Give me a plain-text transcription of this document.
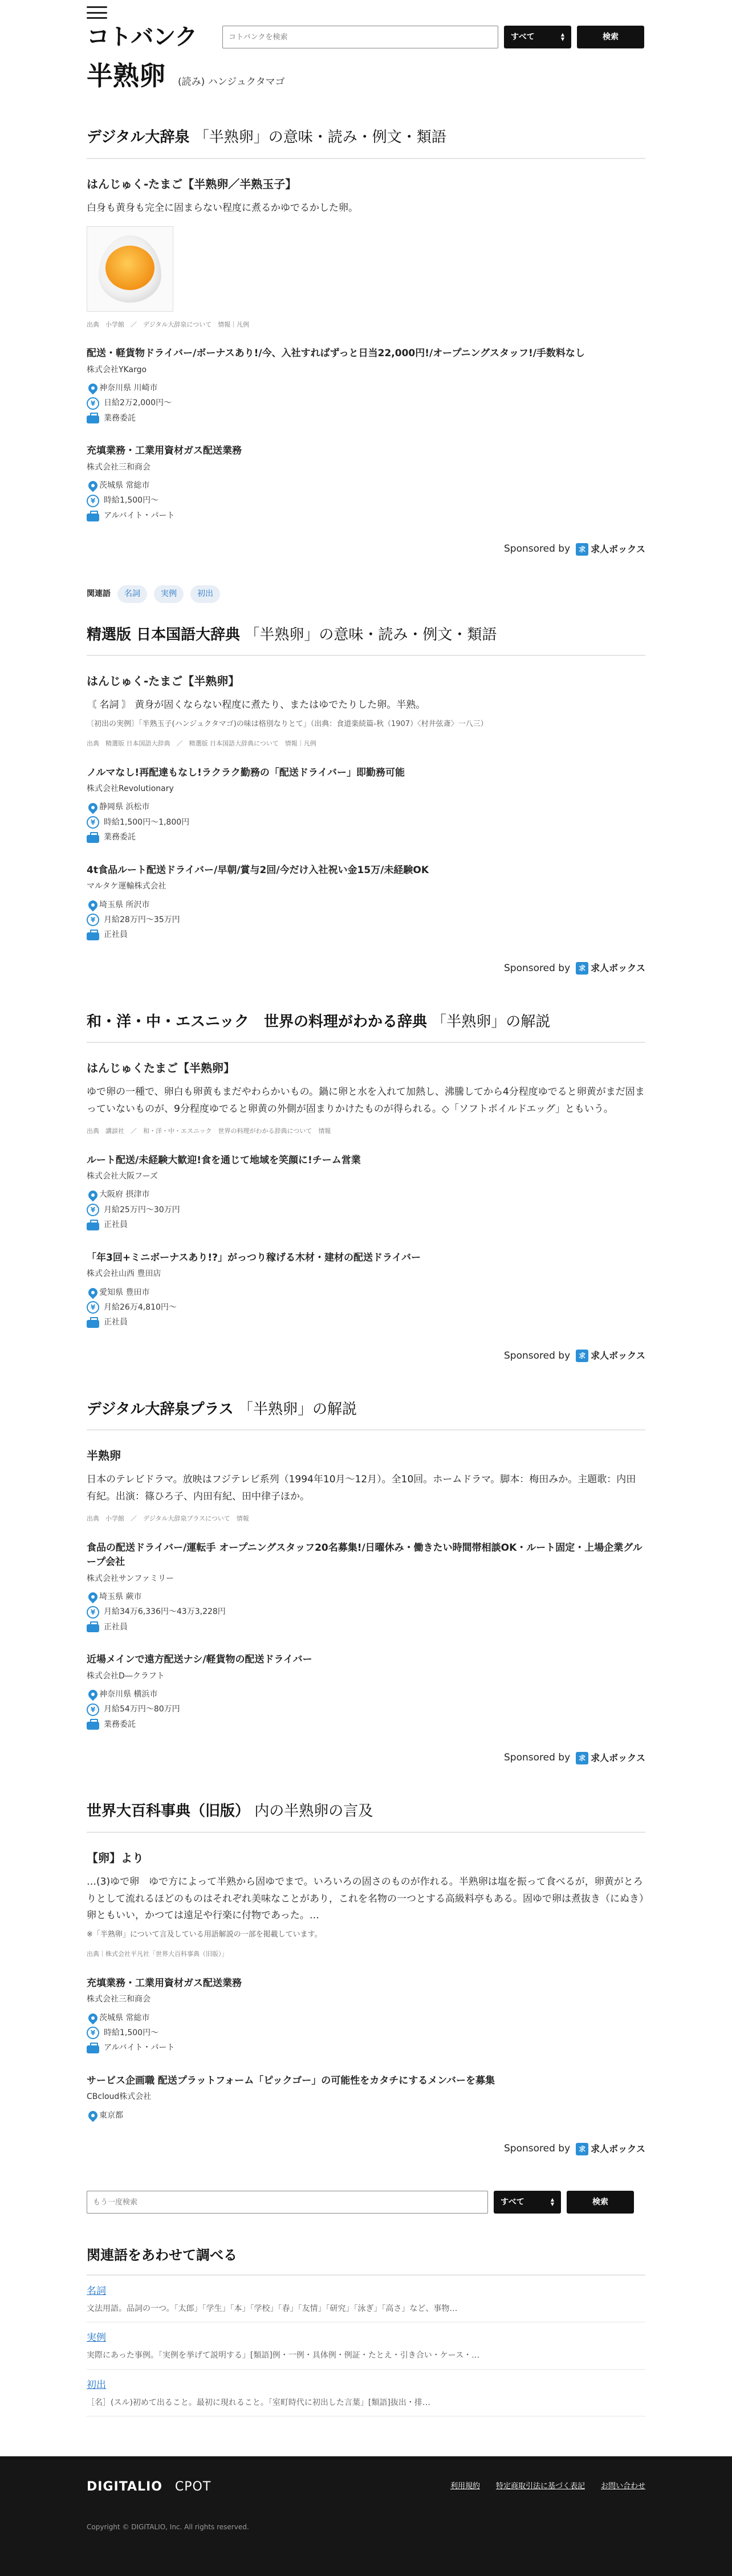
コトバンク
コトバンクを検索	すべて	▲
▼	検索
半熟卵 (読み) ハンジュクタマゴ
デジタル大辞泉 「半熟卵」の意味・読み・例文・類語
はんじゅく‐たまご【半熟卵／半熟玉子】
白身も黄身も完全に固まらない程度に煮るかゆでるかした卵。
出典　小学館　／　デジタル大辞泉について　情報｜凡例
配送・軽貨物ドライバー/ボーナスあり!/今、入社すればずっと日当22,000円!/オープニングスタッフ!/手数料なし
株式会社YKargo
神奈川県 川崎市
¥	日給2万2,000円〜
業務委託
充填業務・工業用資材ガス配送業務
株式会社三和商会
茨城県 常総市
¥	時給1,500円〜
アルバイト・パート
Sponsored by	求 求人ボックス
関連語	名詞	実例	初出
精選版 日本国語大辞典 「半熟卵」の意味・読み・例文・類語
はんじゅく‐たまご【半熟卵】
〘 名詞 〙 黄身が固くならない程度に煮たり、またはゆでたりした卵。半熟。
〔初出の実例〕「半熟玉子(ハンジュクタマゴ)の味は格別なりとて」（出典：食道楽続篇‐秋（1907）〈村井弦斎〉一八三）
出典　精選版 日本国語大辞典　／　精選版 日本国語大辞典について　情報｜凡例
ノルマなし!再配達もなし!ラクラク勤務の「配送ドライバー」即勤務可能
株式会社Revolutionary
静岡県 浜松市
¥	時給1,500円〜1,800円
業務委託
4t食品ルート配送ドライバー/早朝/賞与2回/今だけ入社祝い金15万/未経験OK
マルタケ運輸株式会社
埼玉県 所沢市
¥	月給28万円〜35万円
正社員
Sponsored by	求 求人ボックス
和・洋・中・エスニック　世界の料理がわかる辞典 「半熟卵」の解説
はんじゅくたまご【半熟卵】
ゆで卵の一種で、卵白も卵黄もまだやわらかいもの。鍋に卵と水を入れて加熱し、沸騰してから4分程度ゆでると卵黄がまだ固まっていないものが、9分程度ゆでると卵黄の外側が固まりかけたものが得られる。◇「ソフトボイルドエッグ」ともいう。
出典　講談社　／　和・洋・中・エスニック　世界の料理がわかる辞典について　情報
ルート配送/未経験大歓迎!食を通じて地域を笑顔に!チーム営業
株式会社大阪フーズ
大阪府 摂津市
¥	月給25万円〜30万円
正社員
「年3回+ミニボーナスあり!?」がっつり稼げる木材・建材の配送ドライバー
株式会社山西 豊田店
愛知県 豊田市
¥	月給26万4,810円〜
正社員
Sponsored by	求 求人ボックス
デジタル大辞泉プラス 「半熟卵」の解説
半熟卵
日本のテレビドラマ。放映はフジテレビ系列（1994年10月〜12月）。全10回。ホームドラマ。脚本：梅田みか。主題歌：内田有紀。出演：篠ひろ子、内田有紀、田中律子ほか。
出典　小学館　／　デジタル大辞泉プラスについて　情報
食品の配送ドライバー/運転手 オープニングスタッフ20名募集!/日曜休み・働きたい時間帯相談OK・ルート固定・上場企業グループ会社
株式会社サンファミリー
埼玉県 蕨市
¥	月給34万6,336円〜43万3,228円
正社員
近場メインで遠方配送ナシ/軽貨物の配送ドライバー
株式会社D―クラフト
神奈川県 横浜市
¥	月給54万円〜80万円
業務委託
Sponsored by	求 求人ボックス
世界大百科事典（旧版） 内の半熟卵の言及
【卵】より
…(3)ゆで卵　ゆで方によって半熟から固ゆでまで。いろいろの固さのものが作れる。半熟卵は塩を振って食べるが，卵黄がとろりとして流れるほどのものはそれぞれ美味なことがあり，これを名物の一つとする高級料亭もある。固ゆで卵は煮抜き（にぬき）卵ともいい，かつては遠足や行楽に付物であった。…
※「半熟卵」について言及している用語解説の一部を掲載しています。
出典｜株式会社平凡社「世界大百科事典（旧版）」
充填業務・工業用資材ガス配送業務
株式会社三和商会
茨城県 常総市
¥	時給1,500円〜
アルバイト・パート
サービス企画職 配送プラットフォーム「ピックゴー」の可能性をカタチにするメンバーを募集
CBcloud株式会社
東京都
Sponsored by	求 求人ボックス
もう一度検索
すべて	▲
▼	検索
関連語をあわせて調べる
名詞
文法用語。品詞の一つ。「太郎」「学生」「本」「学校」「春」「友情」「研究」「泳ぎ」「高さ」など、事物…
実例
実際にあった事例。「実例を挙げて説明する」[類語]例・一例・具体例・例証・たとえ・引き合い・ケース・…
初出
［名］(スル)初めて出ること。最初に現れること。「室町時代に初出した言葉」[類語]抜出・排…
DIGITALIO CPOT	利用規約 特定商取引法に基づく表記 お問い合わせ
Copyright © DIGITALIO, Inc. All rights reserved.
